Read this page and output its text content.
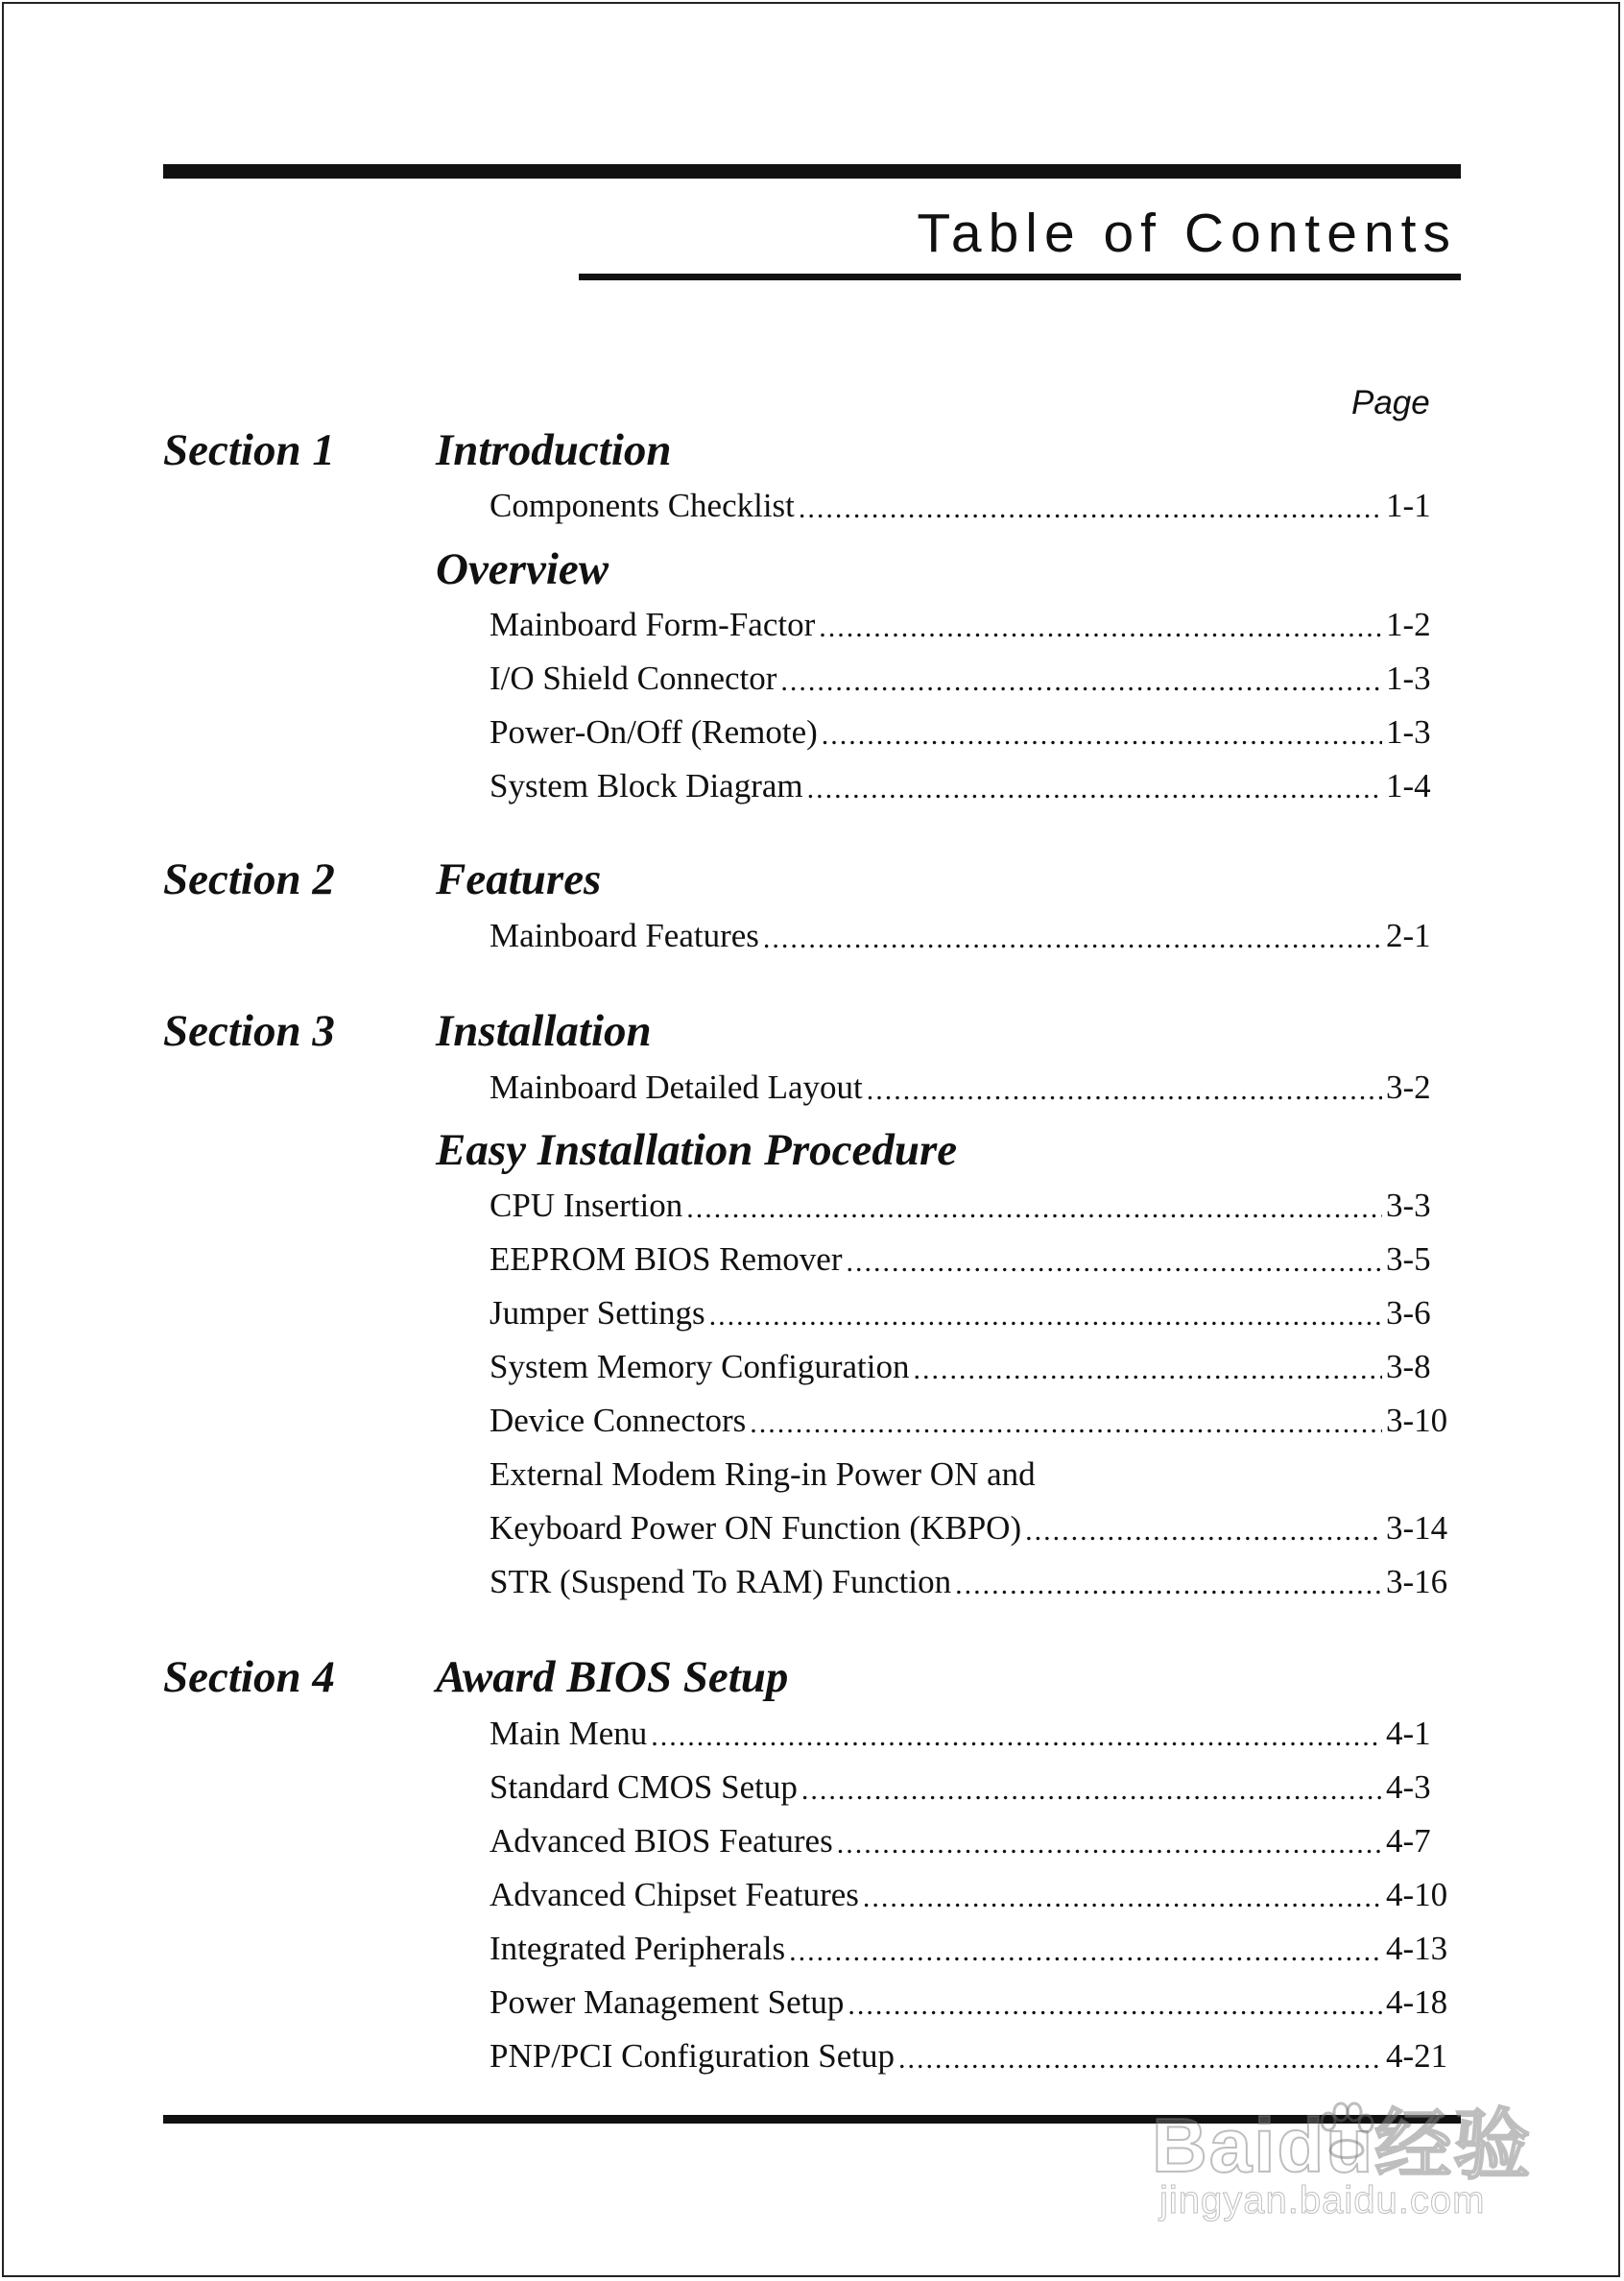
Table of Contents
Page
Section 1 Introduction
Components Checklist .....	1-1
Overview
Mainboard Form-Factor .....	1-2
I/O Shield Connector .....	1-3
Power-On/Off (Remote) .....	1-3
System Block Diagram .....	1-4
Section 2 Features
Mainboard Features .....	2-1
Section 3 Installation
Mainboard Detailed Layout .....	3-2
Easy Installation Procedure
CPU Insertion .....	3-3
EEPROM BIOS Remover .....	3-5
Jumper Settings .....	3-6
System Memory Configuration .....	3-8
Device Connectors .....	3-10
External Modem Ring-in Power ON and
Keyboard Power ON Function (KBPO) .....	3-14
STR (Suspend To RAM) Function .....	3-16
Section 4 Award BIOS Setup
Main Menu .....	4-1
Standard CMOS Setup .....	4-3
Advanced BIOS Features .....	4-7
Advanced Chipset Features .....	4-10
Integrated Peripherals .....	4-13
Power Management Setup .....	4-18
PNP/PCI Configuration Setup .....	4-21
Baidu经验
jingyan.baidu.com
